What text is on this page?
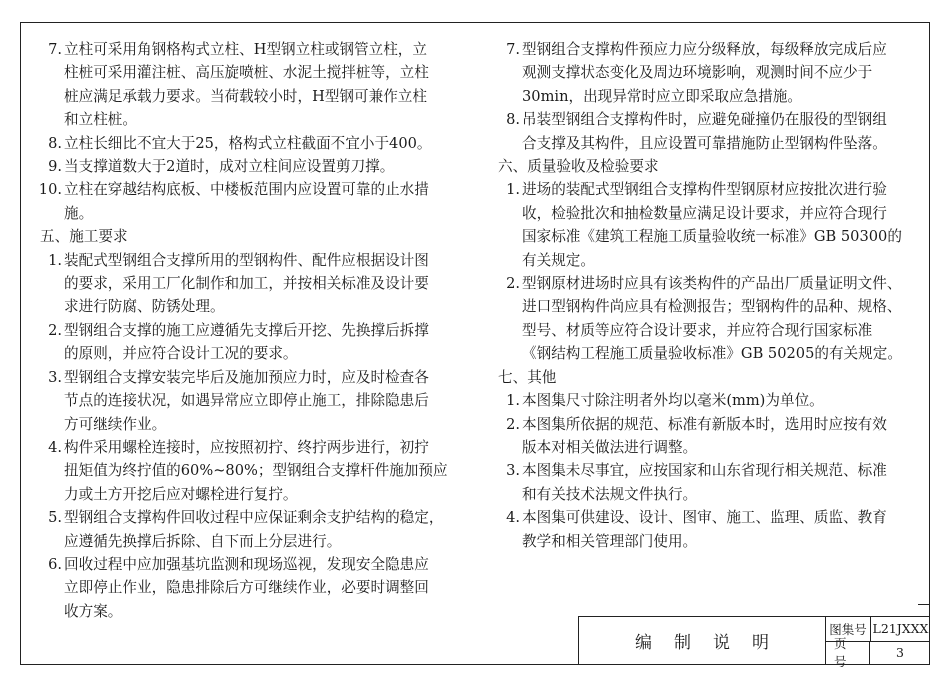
7. 立柱可采用角钢格构式立柱、H型钢立柱或钢管立柱，立
柱桩可采用灌注桩、高压旋喷桩、水泥土搅拌桩等，立柱
桩应满足承载力要求。当荷载较小时，H型钢可兼作立柱
和立柱桩。
8. 立柱长细比不宜大于25，格构式立柱截面不宜小于400。
9. 当支撑道数大于2道时，成对立柱间应设置剪刀撑。
10. 立柱在穿越结构底板、中楼板范围内应设置可靠的止水措
施。

五、施工要求

1. 装配式型钢组合支撑所用的型钢构件、配件应根据设计图
的要求，采用工厂化制作和加工，并按相关标准及设计要
求进行防腐、防锈处理。
2. 型钢组合支撑的施工应遵循先支撑后开挖、先换撑后拆撑
的原则，并应符合设计工况的要求。
3. 型钢组合支撑安装完毕后及施加预应力时，应及时检查各
节点的连接状况，如遇异常应立即停止施工，排除隐患后
方可继续作业。
4. 构件采用螺栓连接时，应按照初拧、终拧两步进行，初拧
扭矩值为终拧值的60%~80%；型钢组合支撑杆件施加预应
力或土方开挖后应对螺栓进行复拧。
5. 型钢组合支撑构件回收过程中应保证剩余支护结构的稳定，
应遵循先换撑后拆除、自下而上分层进行。
6. 回收过程中应加强基坑监测和现场巡视，发现安全隐患应
立即停止作业，隐患排除后方可继续作业，必要时调整回
收方案。
7. 型钢组合支撑构件预应力应分级释放，每级释放完成后应
观测支撑状态变化及周边环境影响，观测时间不应少于
30min，出现异常时应立即采取应急措施。
8. 吊装型钢组合支撑构件时，应避免碰撞仍在服役的型钢组
合支撑及其构件，且应设置可靠措施防止型钢构件坠落。

六、质量验收及检验要求

1. 进场的装配式型钢组合支撑构件型钢原材应按批次进行验
收，检验批次和抽检数量应满足设计要求，并应符合现行
国家标准《建筑工程施工质量验收统一标准》GB 50300的
有关规定。
2. 型钢原材进场时应具有该类构件的产品出厂质量证明文件、
进口型钢构件尚应具有检测报告；型钢构件的品种、规格、
型号、材质等应符合设计要求，并应符合现行国家标准
《钢结构工程施工质量验收标准》GB 50205的有关规定。

七、其他

1. 本图集尺寸除注明者外均以毫米(mm)为单位。
2. 本图集所依据的规范、标准有新版本时，选用时应按有效
版本对相关做法进行调整。
3. 本图集未尽事宜，应按国家和山东省现行相关规范、标准
和有关技术法规文件执行。
4. 本图集可供建设、设计、图审、施工、监理、质监、教育
教学和相关管理部门使用。
编制说明
图集号 L21JXXX
页号
3
